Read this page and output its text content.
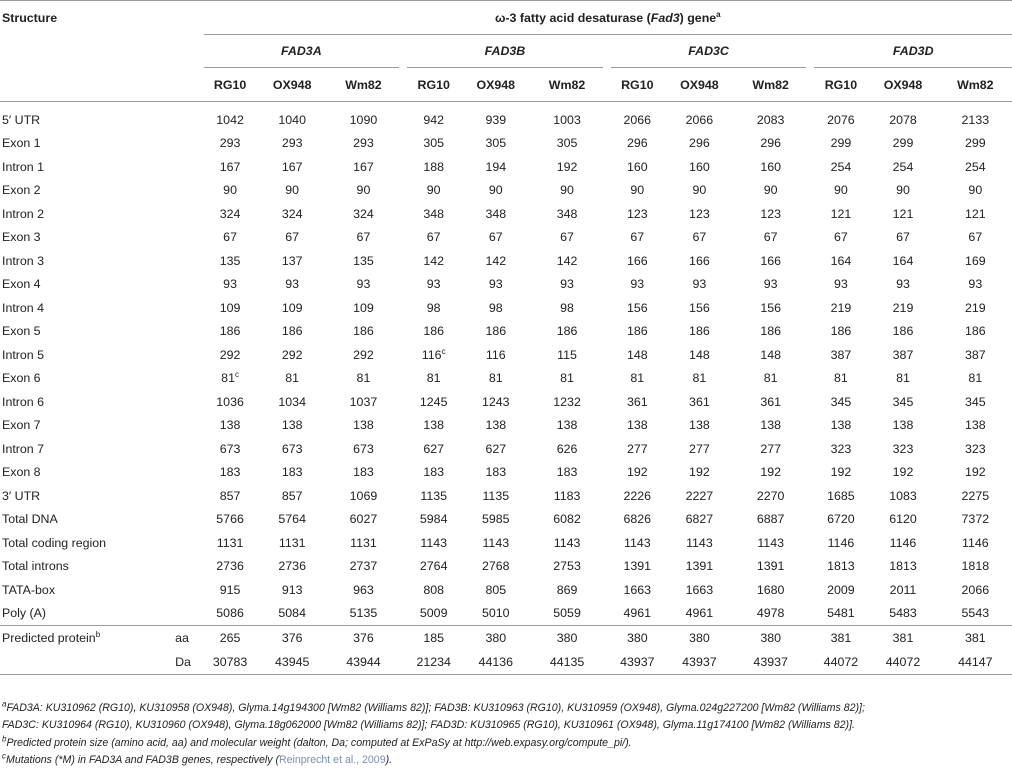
Structure		ω-3 fatty acid desaturase (Fad3) gene$^a$
		FAD3A				FAD3B				FAD3C				FAD3D		
		RG10	OX948	Wm82		RG10	OX948	Wm82		RG10	OX948	Wm82		RG10	OX948	Wm82
5′ UTR		1042	1040	1090		942	939	1003		2066	2066	2083		2076	2078	2133
Exon 1		293	293	293		305	305	305		296	296	296		299	299	299
Intron 1		167	167	167		188	194	192		160	160	160		254	254	254
Exon 2		90	90	90		90	90	90		90	90	90		90	90	90
Intron 2		324	324	324		348	348	348		123	123	123		121	121	121
Exon 3		67	67	67		67	67	67		67	67	67		67	67	67
Intron 3		135	137	135		142	142	142		166	166	166		164	164	169
Exon 4		93	93	93		93	93	93		93	93	93		93	93	93
Intron 4		109	109	109		98	98	98		156	156	156		219	219	219
Exon 5		186	186	186		186	186	186		186	186	186		186	186	186
Intron 5		292	292	292		116$^c$	116	115		148	148	148		387	387	387
Exon 6		81$^c$	81	81		81	81	81		81	81	81		81	81	81
Intron 6		1036	1034	1037		1245	1243	1232		361	361	361		345	345	345
Exon 7		138	138	138		138	138	138		138	138	138		138	138	138
Intron 7		673	673	673		627	627	626		277	277	277		323	323	323
Exon 8		183	183	183		183	183	183		192	192	192		192	192	192
3′ UTR		857	857	1069		1135	1135	1183		2226	2227	2270		1685	1083	2275
Total DNA		5766	5764	6027		5984	5985	6082		6826	6827	6887		6720	6120	7372
Total coding region		1131	1131	1131		1143	1143	1143		1143	1143	1143		1146	1146	1146
Total introns		2736	2736	2737		2764	2768	2753		1391	1391	1391		1813	1813	1818
TATA-box		915	913	963		808	805	869		1663	1663	1680		2009	2011	2066
Poly (A)		5086	5084	5135		5009	5010	5059		4961	4961	4978		5481	5483	5543
Predicted protein$^b$	aa	265	376	376		185	380	380		380	380	380		381	381	381
	Da	30783	43945	43944		21234	44136	44135		43937	43937	43937		44072	44072	44147
$^a$FAD3A: KU310962 (RG10), KU310958 (OX948), Glyma.14g194300 [Wm82 (Williams 82)]; FAD3B: KU310963 (RG10), KU310959 (OX948), Glyma.024g227200 [Wm82 (Williams 82)];
FAD3C: KU310964 (RG10), KU310960 (OX948), Glyma.18g062000 [Wm82 (Williams 82)]; FAD3D: KU310965 (RG10), KU310961 (OX948), Glyma.11g174100 [Wm82 (Williams 82)].
$^b$Predicted protein size (amino acid, aa) and molecular weight (dalton, Da; computed at ExPaSy at http://web.expasy.org/compute_pi/).
$^c$Mutations (*M) in FAD3A and FAD3B genes, respectively (Reinprecht et al., 2009).
